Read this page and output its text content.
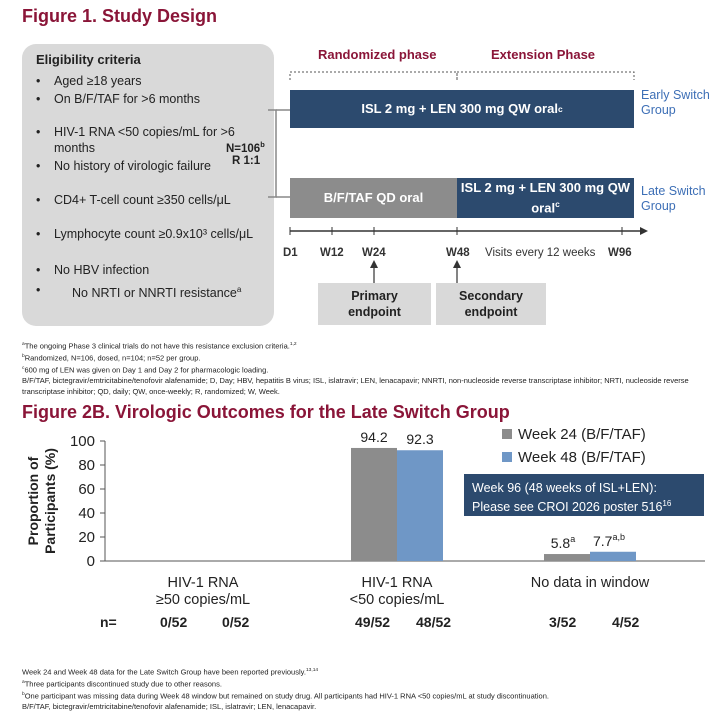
Figure 1. Study Design
Eligibility criteria
• Aged ≥18 years
• On B/F/TAF for >6 months
• HIV-1 RNA <50 copies/mL for >6 months
• No history of virologic failure
• CD4+ T-cell count ≥350 cells/μL
• Lymphocyte count ≥0.9x10³ cells/μL
• No HBV infection
•	No NRTI or NNRTI resistance$^a$
Randomized phase	Extension Phase
$N=106^b$
R 1:1
ISL 2 mg + LEN 300 mg QW oral c
Early Switch Group
B/F/TAF QD oral
ISL 2 mg + LEN 300 mg QW oral$^c$
Late Switch Group
D1 W12 W24	W48 Visits every 12 weeks W96
Primary endpoint
Secondary endpoint
$^a$The ongoing Phase 3 clinical trials do not have this resistance exclusion criteria.$^{1,2}$
$^b$Randomized, N=106, dosed, n=104; n=52 per group.
$^c$600 mg of LEN was given on Day 1 and Day 2 for pharmacologic loading.
B/F/TAF, bictegravir/emtricitabine/tenofovir alafenamide; D, Day; HBV, hepatitis B virus; ISL, islatravir; LEN, lenacapavir; NNRTI, non-nucleoside reverse transcriptase inhibitor; NRTI, nucleoside reverse transcriptase inhibitor; QD, daily; QW, once-weekly; R, randomized; W, Week.
Figure 2B. Virologic Outcomes for the Late Switch Group
0
20
40
60
80
100
Proportion ofParticipants (%)
94.2
5.8$^a$
92.3
7.7$^{a,b}$
HIV-1 RNA
≥50 copies/mL
HIV-1 RNA
<50 copies/mL
No data in window
Week 24 (B/F/TAF)
Week 48 (B/F/TAF)
Week 96 (48 weeks of ISL+LEN):
Please see CROI 2026 poster $516^{16}$
n=	0/52 0/52	49/52 48/52	3/52	4/52
Week 24 and Week 48 data for the Late Switch Group have been reported previously.$^{13,14}$
$^a$Three participants discontinued study due to other reasons.
$^b$One participant was missing data during Week 48 window but remained on study drug. All participants had HIV-1 RNA <50 copies/mL at study discontinuation.
B/F/TAF, bictegravir/emtricitabine/tenofovir alafenamide; ISL, islatravir; LEN, lenacapavir.
